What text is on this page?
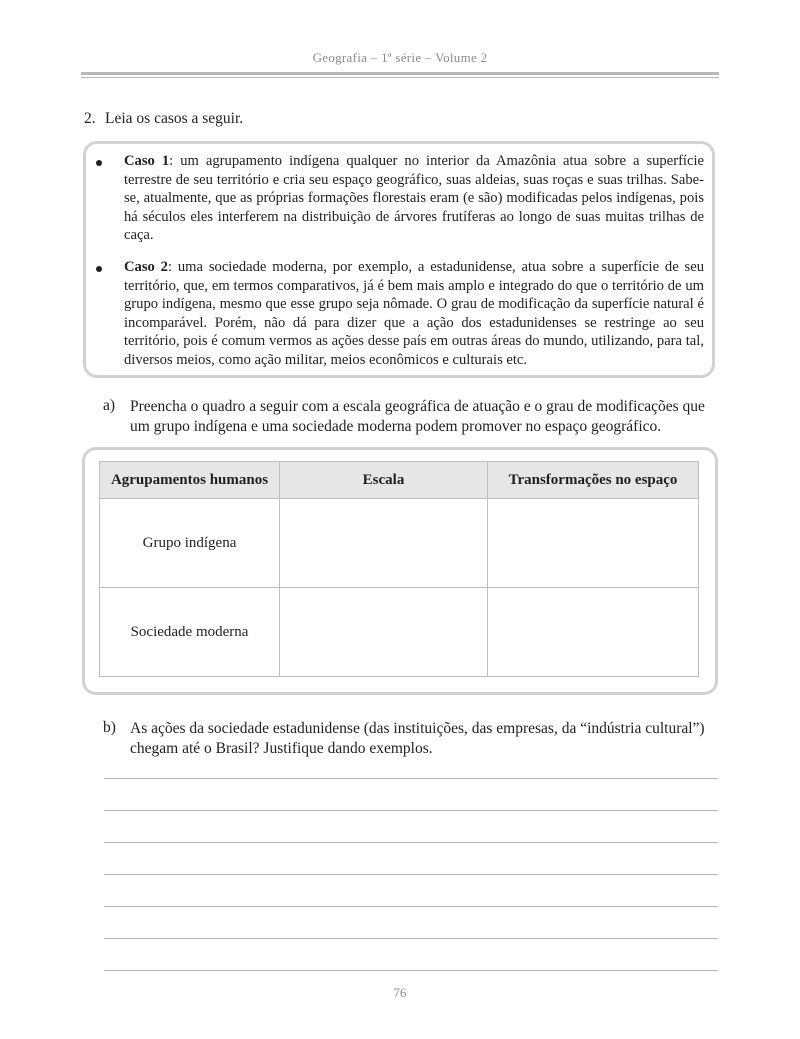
Geografia – 1ª série – Volume 2
2. Leia os casos a seguir.
Caso 1: um agrupamento indígena qualquer no interior da Amazônia atua sobre a superfície terrestre de seu território e cria seu espaço geográfico, suas aldeias, suas roças e suas trilhas. Sabe-se, atualmente, que as próprias formações florestais eram (e são) modificadas pelos indígenas, pois há séculos eles interferem na distribuição de árvores frutíferas ao longo de suas muitas trilhas de caça.
Caso 2: uma sociedade moderna, por exemplo, a estadunidense, atua sobre a superfície de seu território, que, em termos comparativos, já é bem mais amplo e integrado do que o território de um grupo indígena, mesmo que esse grupo seja nômade. O grau de modificação da superfície natural é incomparável. Porém, não dá para dizer que a ação dos estadunidenses se restringe ao seu território, pois é comum vermos as ações desse país em outras áreas do mundo, utilizando, para tal, diversos meios, como ação militar, meios econômicos e culturais etc.
a) Preencha o quadro a seguir com a escala geográfica de atuação e o grau de modificações que um grupo indígena e uma sociedade moderna podem promover no espaço geográfico.
Agrupamentos humanos	Escala	Transformações no espaço
Grupo indígena		
Sociedade moderna		
b) As ações da sociedade estadunidense (das instituições, das empresas, da “indústria cultural”) chegam até o Brasil? Justifique dando exemplos.
76
